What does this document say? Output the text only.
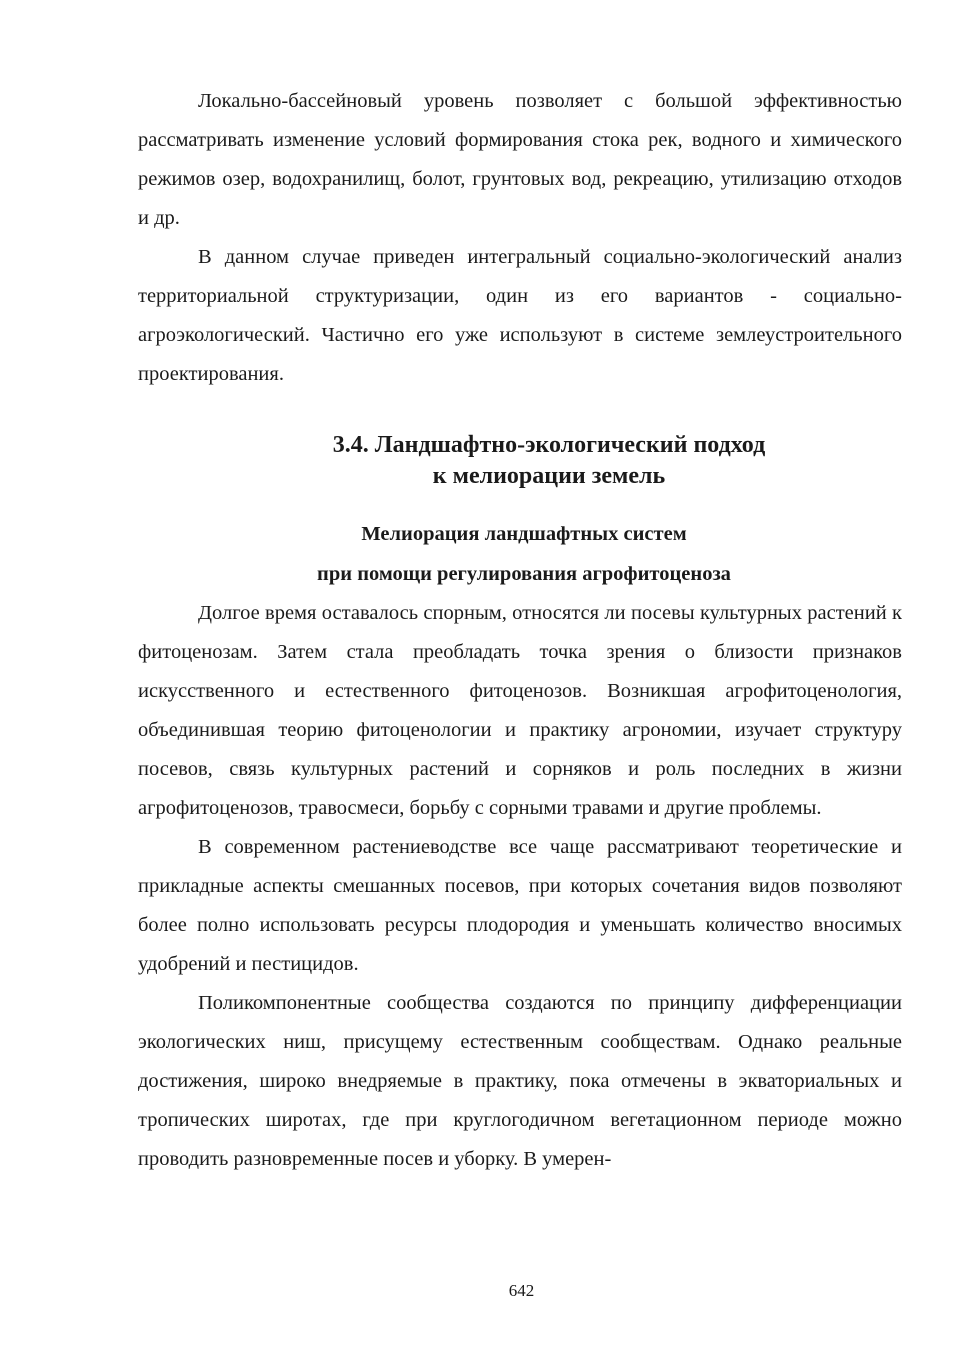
Локально-бассейновый уровень позволяет с большой эффективностью рассматривать изменение условий формирования стока рек, водного и химического режимов озер, водохранилищ, болот, грунтовых вод, рекреацию, утилизацию отходов и др.

В данном случае приведен интегральный социально-экологический анализ территориальной структуризации, один из его вариантов - социально-агроэкологический. Частично его уже используют в системе землеустроительного проектирования.

3.4. Ландшафтно-экологический подход
к мелиорации земель
Мелиорация ландшафтных систем
при помощи регулирования агрофитоценоза

Долгое время оставалось спорным, относятся ли посевы культурных растений к фитоценозам. Затем стала преобладать точка зрения о близости признаков искусственного и естественного фитоценозов. Возникшая агрофитоценология, объединившая теорию фитоценологии и практику агрономии, изучает структуру посевов, связь культурных растений и сорняков и роль последних в жизни агрофитоценозов, травосмеси, борьбу с сорными травами и другие проблемы.

В современном растениеводстве все чаще рассматривают теоретические и прикладные аспекты смешанных посевов, при которых сочетания видов позволяют более полно использовать ресурсы плодородия и уменьшать количество вносимых удобрений и пестицидов.

Поликомпонентные сообщества создаются по принципу дифференциации экологических ниш, присущему естественным сообществам. Однако реальные достижения, широко внедряемые в практику, пока отмечены в экваториальных и тропических широтах, где при круглогодичном вегетационном периоде можно проводить разновременные посев и уборку. В умерен-

642
